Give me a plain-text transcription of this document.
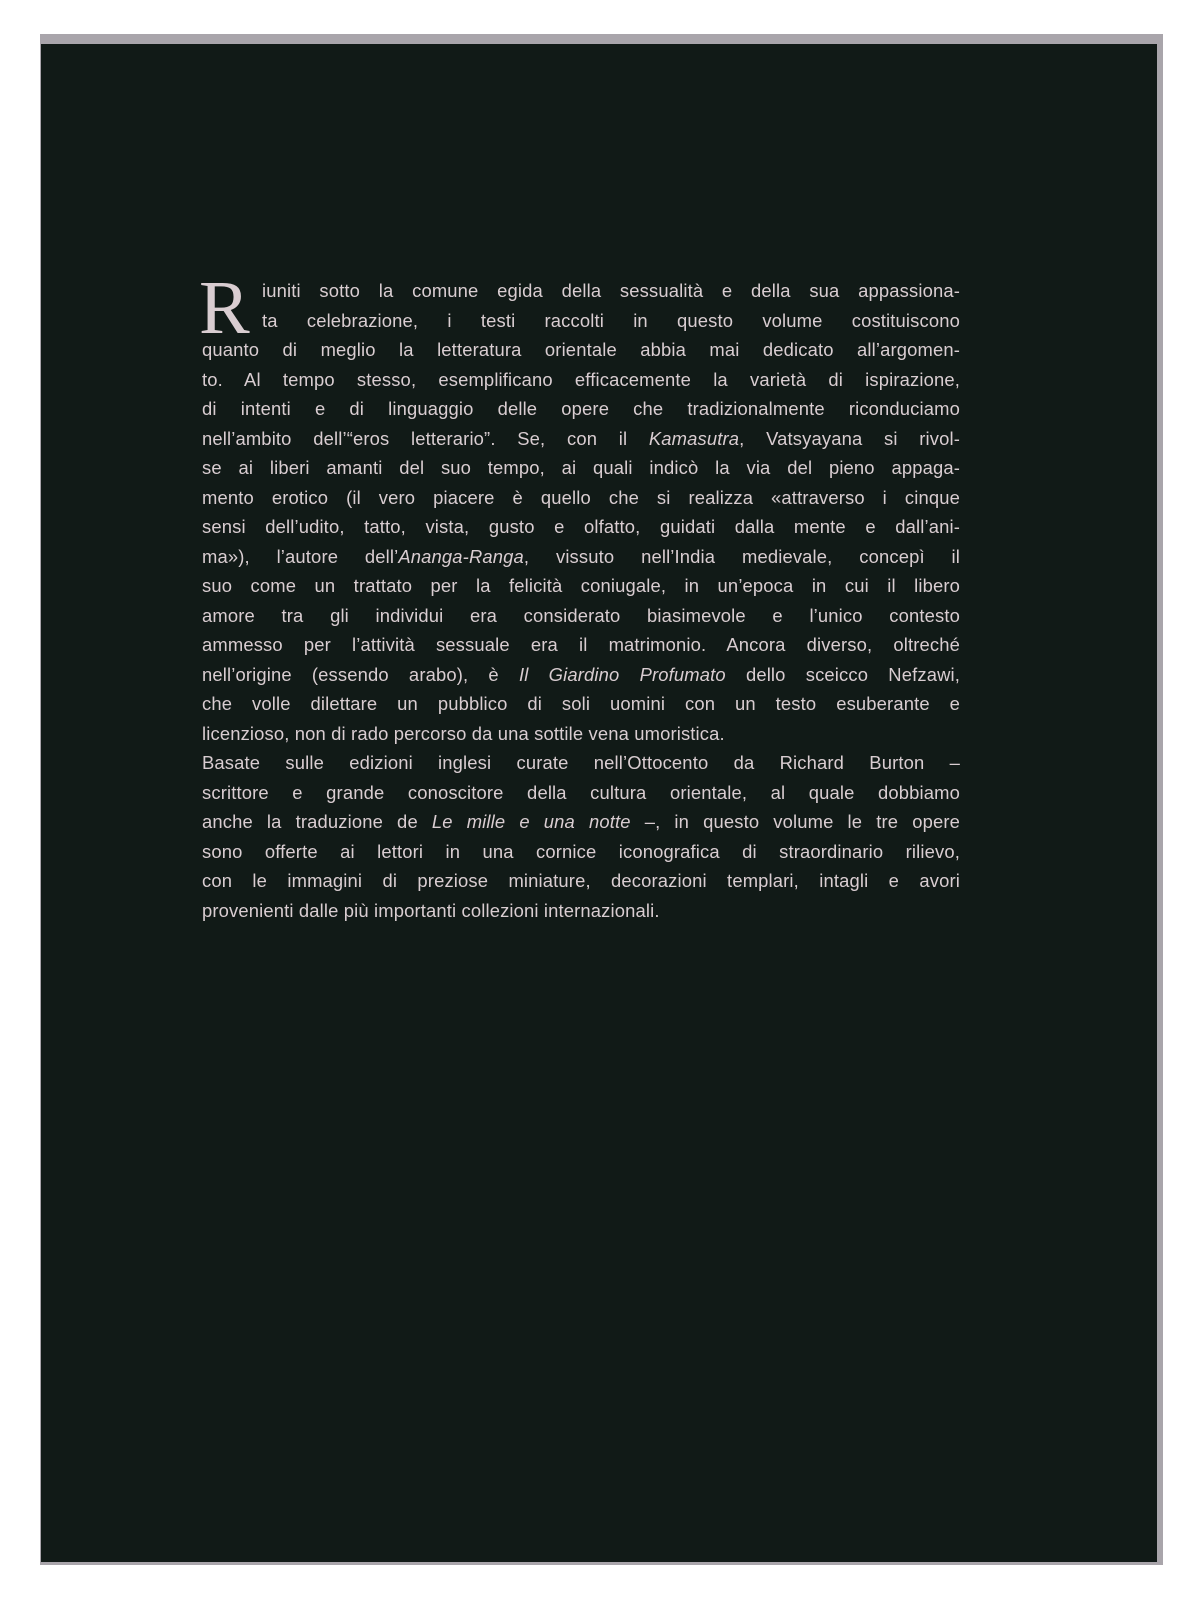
R iuniti sotto la comune egida della sessualità e della sua appassiona-
ta celebrazione, i testi raccolti in questo volume costituiscono
quanto di meglio la letteratura orientale abbia mai dedicato all’argomen-
to. Al tempo stesso, esemplificano efficacemente la varietà di ispirazione,
di intenti e di linguaggio delle opere che tradizionalmente riconduciamo
nell’ambito dell’“eros letterario”. Se, con il Kamasutra, Vatsyayana si rivol-
se ai liberi amanti del suo tempo, ai quali indicò la via del pieno appaga-
mento erotico (il vero piacere è quello che si realizza «attraverso i cinque
sensi dell’udito, tatto, vista, gusto e olfatto, guidati dalla mente e dall’ani-
ma»), l’autore dell’Ananga-Ranga, vissuto nell’India medievale, concepì il
suo come un trattato per la felicità coniugale, in un’epoca in cui il libero
amore tra gli individui era considerato biasimevole e l’unico contesto
ammesso per l’attività sessuale era il matrimonio. Ancora diverso, oltreché
nell’origine (essendo arabo), è Il Giardino Profumato dello sceicco Nefzawi,
che volle dilettare un pubblico di soli uomini con un testo esuberante e
licenzioso, non di rado percorso da una sottile vena umoristica.
Basate sulle edizioni inglesi curate nell’Ottocento da Richard Burton –
scrittore e grande conoscitore della cultura orientale, al quale dobbiamo
anche la traduzione de Le mille e una notte –, in questo volume le tre opere
sono offerte ai lettori in una cornice iconografica di straordinario rilievo,
con le immagini di preziose miniature, decorazioni templari, intagli e avori
provenienti dalle più importanti collezioni internazionali.
